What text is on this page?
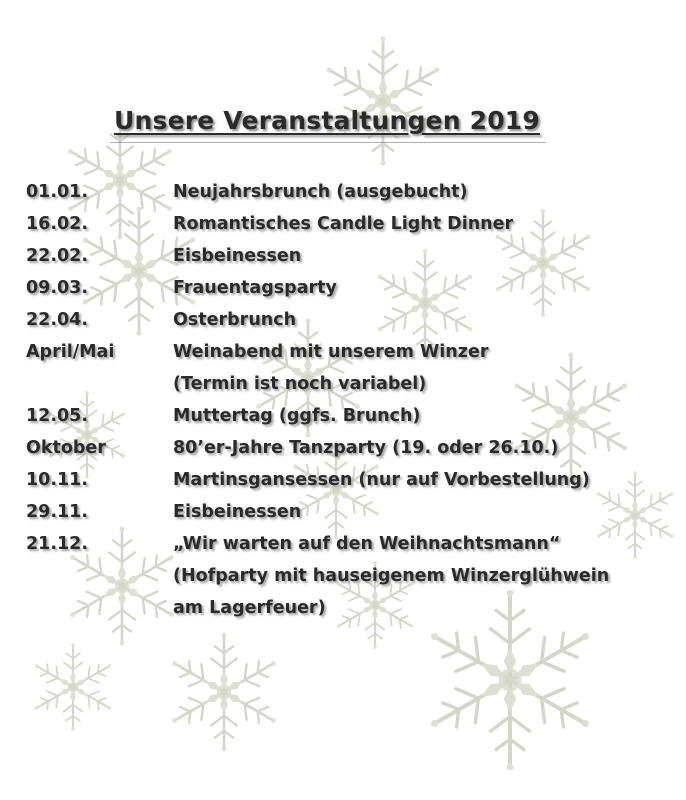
Unsere Veranstaltungen 2019
01.01.	Neujahrsbrunch (ausgebucht)
16.02.	Romantisches Candle Light Dinner
22.02.	Eisbeinessen
09.03.	Frauentagsparty
22.04.	Osterbrunch
April/Mai	Weinabend mit unserem Winzer
(Termin ist noch variabel)
12.05.	Muttertag (ggfs. Brunch)
Oktober	80’er-Jahre Tanzparty (19. oder 26.10.)
10.11.	Martinsgansessen (nur auf Vorbestellung)
29.11.	Eisbeinessen
21.12.	„Wir warten auf den Weihnachtsmann“
(Hofparty mit hauseigenem Winzerglühwein
am Lagerfeuer)
